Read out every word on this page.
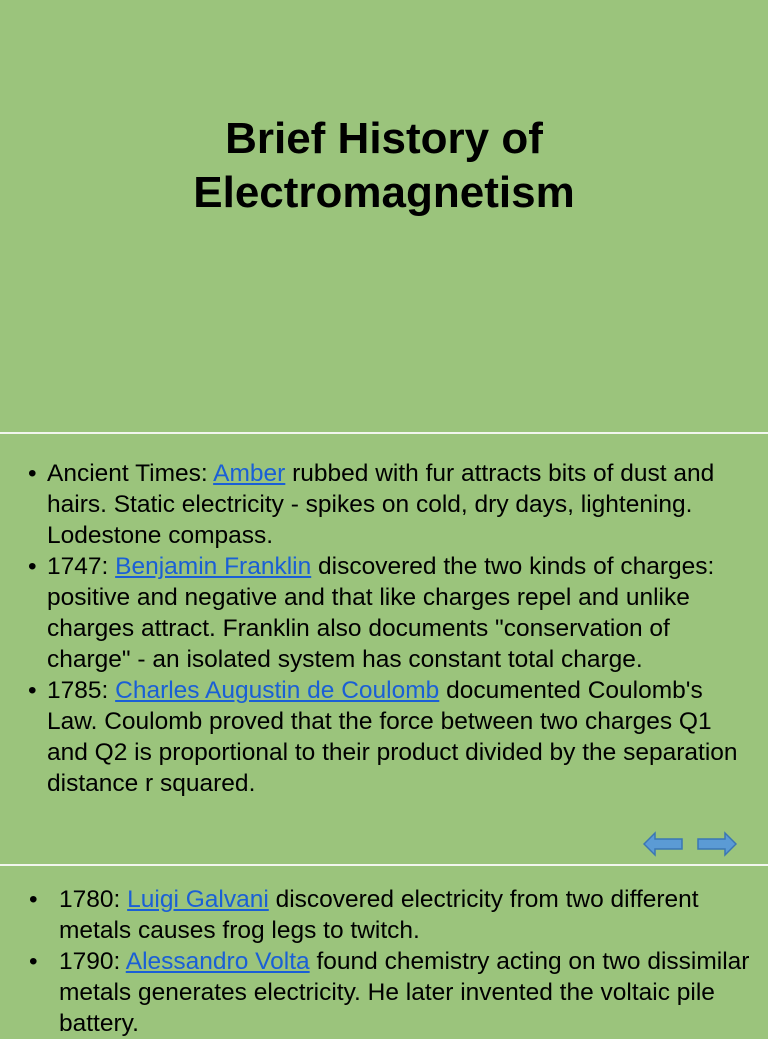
Brief History of
Electromagnetism
• Ancient Times: Amber rubbed with fur attracts bits of dust and hairs. Static electricity - spikes on cold, dry days, lightening. Lodestone compass.
• 1747: Benjamin Franklin discovered the two kinds of charges: positive and negative and that like charges repel and unlike charges attract. Franklin also documents "conservation of charge" - an isolated system has constant total charge.
• 1785: Charles Augustin de Coulomb documented Coulomb's Law. Coulomb proved that the force between two charges Q1 and Q2 is proportional to their product divided by the separation distance r squared.
• 1780: Luigi Galvani discovered electricity from two different metals causes frog legs to twitch.
• 1790: Alessandro Volta found chemistry acting on two dissimilar metals generates electricity. He later invented the voltaic pile battery.
